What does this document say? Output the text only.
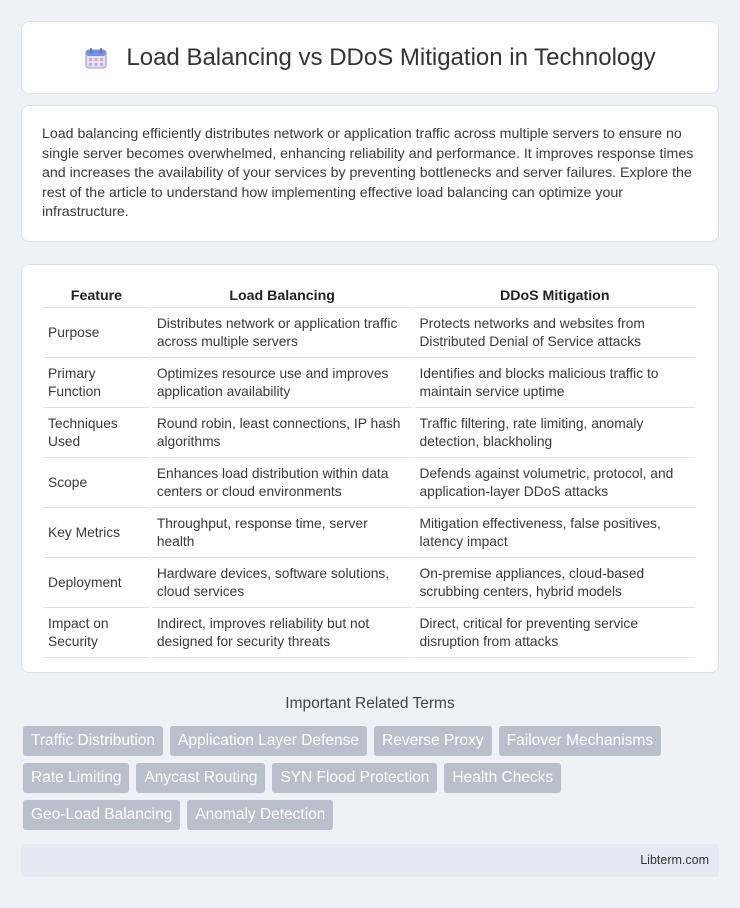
Load Balancing vs DDoS Mitigation in Technology

Load balancing efficiently distributes network or application traffic across multiple servers to ensure no single server becomes overwhelmed, enhancing reliability and performance. It improves response times and increases the availability of your services by preventing bottlenecks and server failures. Explore the rest of the article to understand how implementing effective load balancing can optimize your infrastructure.

Feature	Load Balancing	DDoS Mitigation
Purpose	Distributes network or application traffic across multiple servers	Protects networks and websites from Distributed Denial of Service attacks
Primary Function	Optimizes resource use and improves application availability	Identifies and blocks malicious traffic to maintain service uptime
Techniques Used	Round robin, least connections, IP hash algorithms	Traffic filtering, rate limiting, anomaly detection, blackholing
Scope	Enhances load distribution within data centers or cloud environments	Defends against volumetric, protocol, and application-layer DDoS attacks
Key Metrics	Throughput, response time, server health	Mitigation effectiveness, false positives, latency impact
Deployment	Hardware devices, software solutions, cloud services	On-premise appliances, cloud-based scrubbing centers, hybrid models
Impact on Security	Indirect, improves reliability but not designed for security threats	Direct, critical for preventing service disruption from attacks
Important Related Terms
Traffic Distribution	Application Layer Defense	Reverse Proxy	Failover Mechanisms
Rate Limiting	Anycast Routing	SYN Flood Protection	Health Checks
Geo-Load Balancing	Anomaly Detection
Libterm.com
